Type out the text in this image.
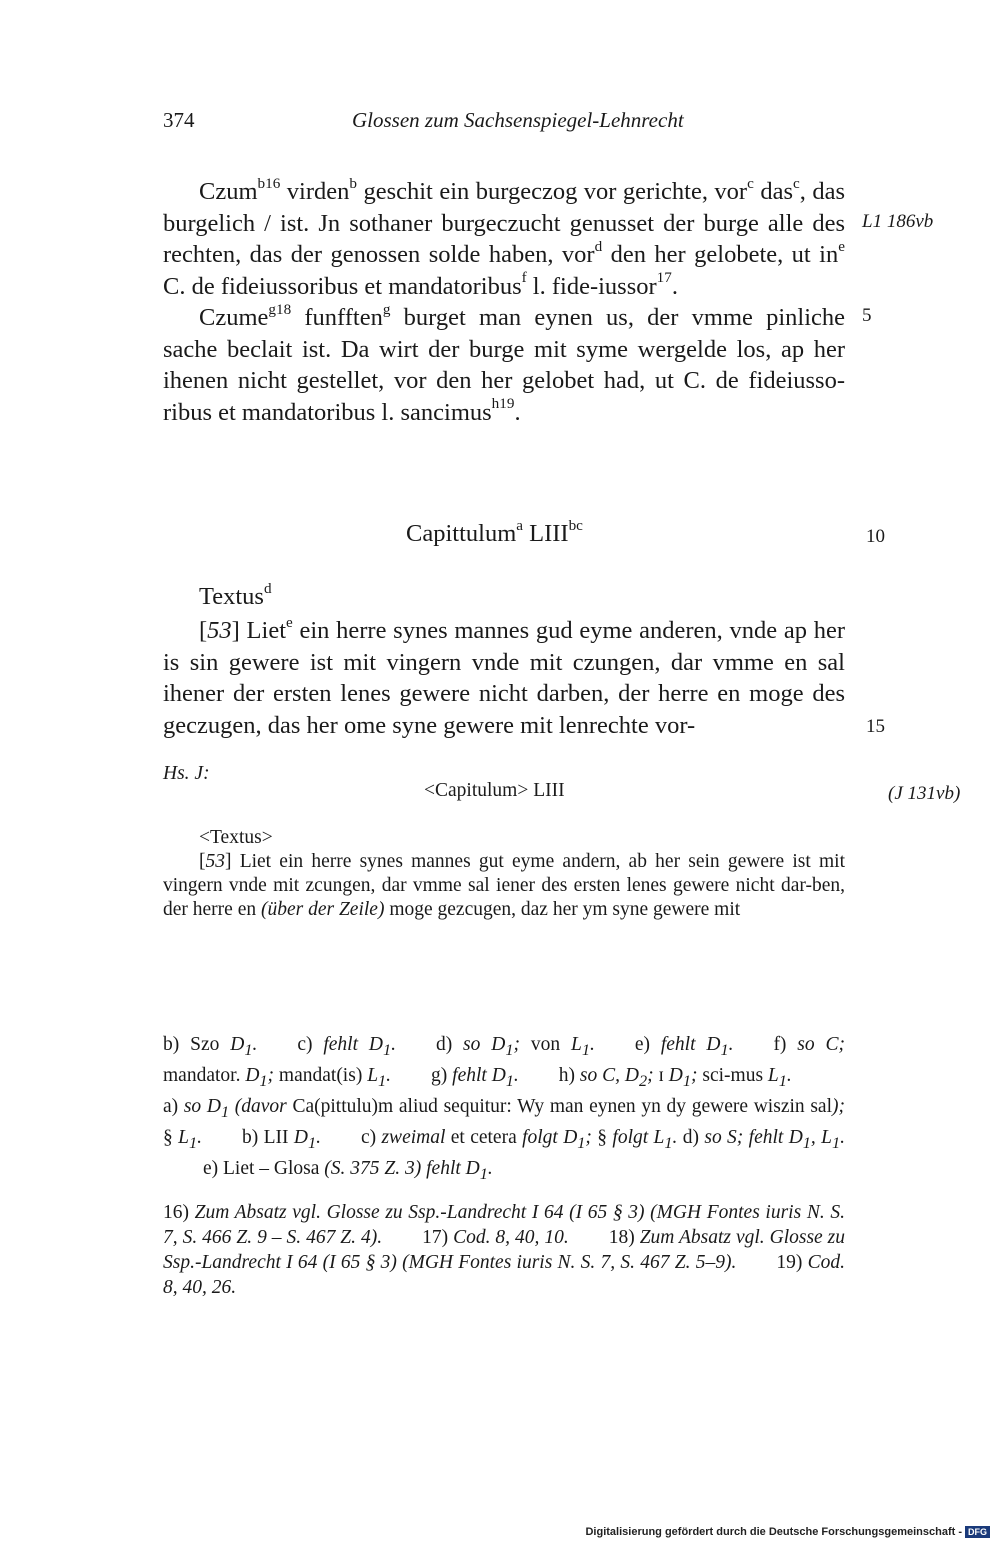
374	Glossen zum Sachsenspiegel-Lehnrecht

Czum$^{b16}$ virden$^b$ geschit ein burgeczog vor gerichte, vor$^c$ das$^c$, das burgelich / ist. Jn sothaner burgeczucht genusset der burge alle des rechten, das der genossen solde haben, vor$^d$ den her gelobete, ut $in^e$ C. de fideiussoribus et mandatoribus$^f$ l. fide-iussor$^{17}$.

Czume$^{g18}$ funfften$^g$ burget man eynen us, der vmme pinliche sache beclait ist. Da wirt der burge mit syme wergelde los, ap her ihenen nicht gestellet, vor den her gelobet had, ut C. de fideiusso-ribus et mandatoribus l. sancimus$^{h19}$.

L1 186vb
5
Capittulum$^a$ $LIII^{bc}$
10
Textus$^d$

[53] Liet$^e$ ein herre synes mannes gud eyme anderen, vnde ap her is sin gewere ist mit vingern vnde mit czungen, dar vmme en sal ihener der ersten lenes gewere nicht darben, der herre en moge des geczugen, das her ome syne gewere mit lenrechte vor-	15
Hs. J:
<Capitulum> LIII	(J 131vb)
<Textus>

[53] Liet ein herre synes mannes gut eyme andern, ab her sein gewere ist mit vingern vnde mit zcungen, dar vmme sal iener des ersten lenes gewere nicht dar-ben, der herre en (über der Zeile) moge gezcugen, daz her ym syne gewere mit

b) Szo $D_1$. c) fehlt $D_1$. d) so $D_1$; von $L_1$. e) fehlt $D_1$. f) so C; mandator. $D_1$; mandat(is) $L_1$. g) fehlt $D_1$. h) so C, $D_2$; ɪ $D_1$; sci-mus $L_1$.

a) so $D_1$ (davor Ca(pittulu)m aliud sequitur: Wy man eynen yn dy gewere wiszin sal); § $L_1$. b) LII $D_1$. c) zweimal et cetera folgt $D_1$; § folgt $L_1$. d) so S; fehlt $D_1$, $L_1.e$) Liet – Glosa (S. 375 Z. 3) fehlt $D_1$.

16) Zum Absatz vgl. Glosse zu Ssp.-Landrecht I 64 (I 65 § 3) (MGH Fontes iuris N. S. 7, S. 466 Z. 9 – S. 467 Z. 4). 17) Cod. 8, 40, 10. 18) Zum Absatz vgl. Glosse zu Ssp.-Landrecht I 64 (I 65 § 3) (MGH Fontes iuris N. S. 7, S. 467 Z. 5–9). 19) Cod. 8, 40, 26.

Digitalisierung gefördert durch die Deutsche Forschungsgemeinschaft - DFG
